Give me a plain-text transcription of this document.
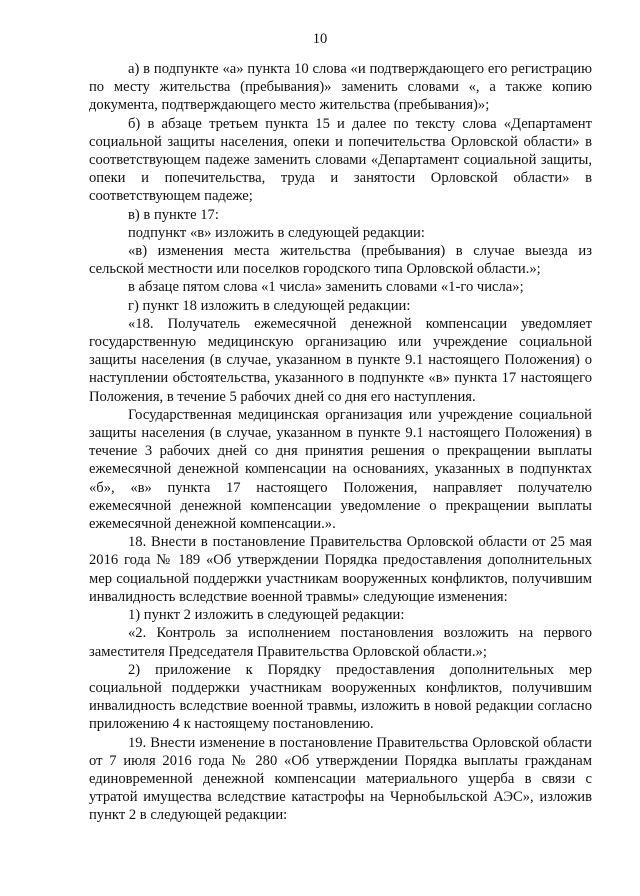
10

а) в подпункте «а» пункта 10 слова «и подтверждающего его регистрацию по месту жительства (пребывания)» заменить словами «, а также копию документа, подтверждающего место жительства (пребывания)»;

б) в абзаце третьем пункта 15 и далее по тексту слова «Департамент социальной защиты населения, опеки и попечительства Орловской области» в соответствующем падеже заменить словами «Департамент социальной защиты, опеки и попечительства, труда и занятости Орловской области» в соответствующем падеже;

в) в пункте 17:

подпункт «в» изложить в следующей редакции:

«в) изменения места жительства (пребывания) в случае выезда из сельской местности или поселков городского типа Орловской области.»;

в абзаце пятом слова «1 числа» заменить словами «1-го числа»;

г) пункт 18 изложить в следующей редакции:

«18. Получатель ежемесячной денежной компенсации уведомляет государственную медицинскую организацию или учреждение социальной защиты населения (в случае, указанном в пункте 9.1 настоящего Положения) о наступлении обстоятельства, указанного в подпункте «в» пункта 17 настоящего Положения, в течение 5 рабочих дней со дня его наступления.

Государственная медицинская организация или учреждение социальной защиты населения (в случае, указанном в пункте 9.1 настоящего Положения) в течение 3 рабочих дней со дня принятия решения о прекращении выплаты ежемесячной денежной компенсации на основаниях, указанных в подпунктах «б», «в» пункта 17 настоящего Положения, направляет получателю ежемесячной денежной компенсации уведомление о прекращении выплаты ежемесячной денежной компенсации.».

18. Внести в постановление Правительства Орловской области от 25 мая 2016 года № 189 «Об утверждении Порядка предоставления дополнительных мер социальной поддержки участникам вооруженных конфликтов, получившим инвалидность вследствие военной травмы» следующие изменения:

1) пункт 2 изложить в следующей редакции:

«2. Контроль за исполнением постановления возложить на первого заместителя Председателя Правительства Орловской области.»;

2) приложение к Порядку предоставления дополнительных мер социальной поддержки участникам вооруженных конфликтов, получившим инвалидность вследствие военной травмы, изложить в новой редакции согласно приложению 4 к настоящему постановлению.

19. Внести изменение в постановление Правительства Орловской области от 7 июля 2016 года № 280 «Об утверждении Порядка выплаты гражданам единовременной денежной компенсации материального ущерба в связи с утратой имущества вследствие катастрофы на Чернобыльской АЭС», изложив пункт 2 в следующей редакции:
